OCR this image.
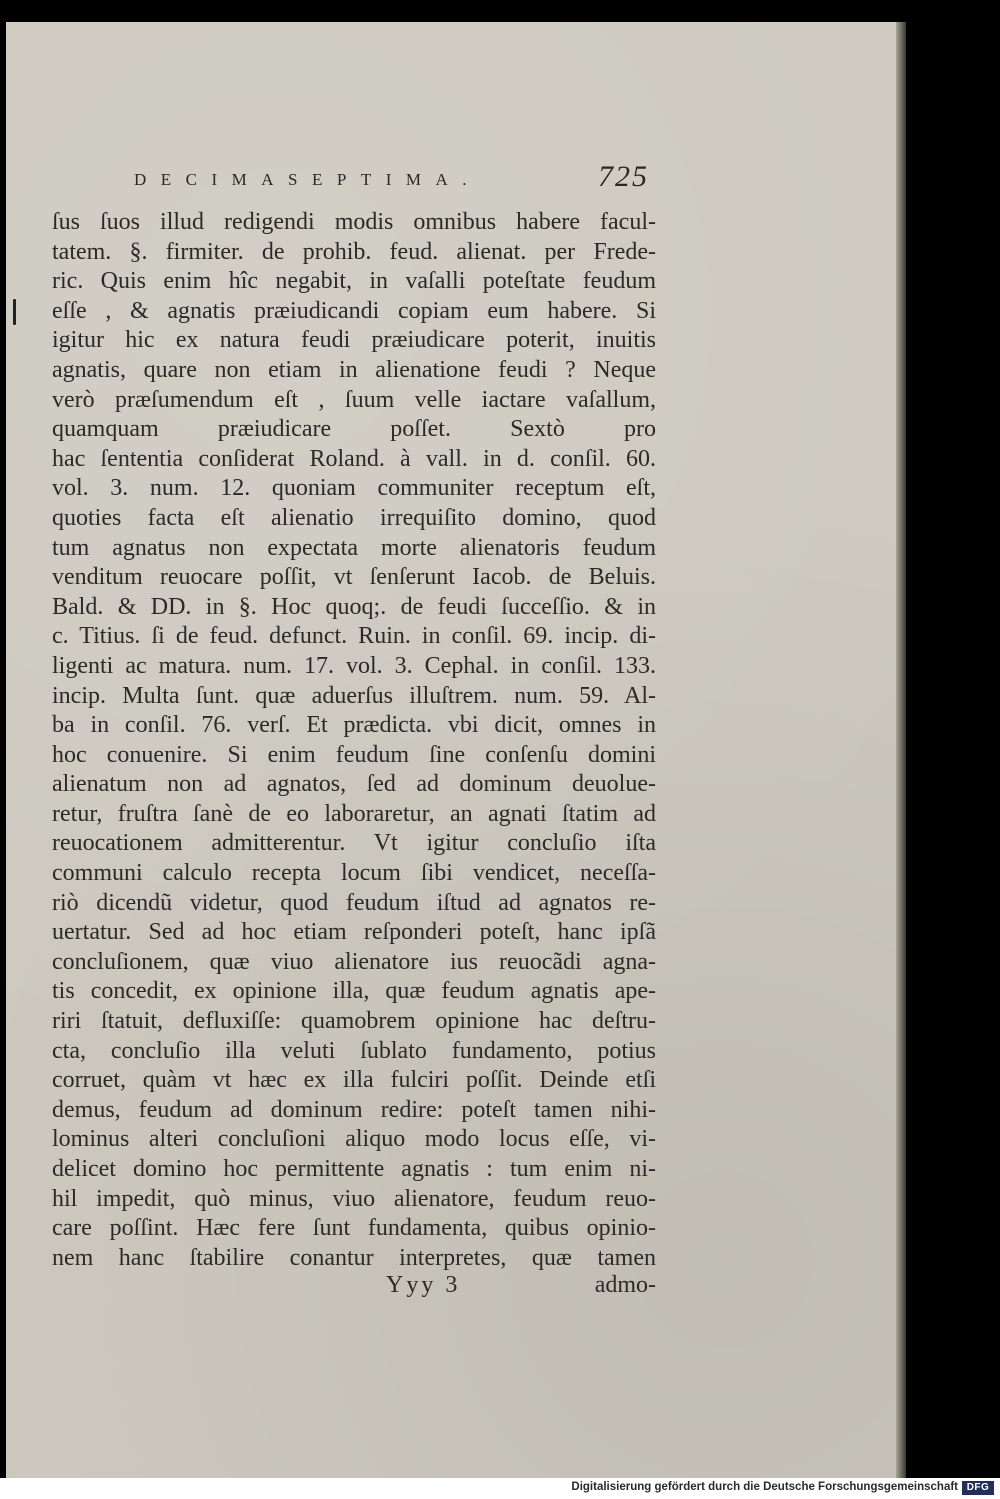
DECIMASEPTIMA.	725
ſus ſuos illud redigendi modis omnibus habere facul-
tatem. §. firmiter. de prohib. feud. alienat. per Frede-
ric. Quis enim hîc negabit, in vaſalli poteſtate feudum
eſſe , & agnatis præiudicandi copiam eum habere. Si
igitur hic ex natura feudi præiudicare poterit, inuitis
agnatis, quare non etiam in alienatione feudi ? Neque
verò præſumendum eſt , ſuum velle iactare vaſallum,
quamquam præiudicare poſſet. Sextò pro
hac ſententia conſiderat Roland. à vall. in d. conſil. 60.
vol. 3. num. 12. quoniam communiter receptum eſt,
quoties facta eſt alienatio irrequiſito domino, quod
tum agnatus non expectata morte alienatoris feudum
venditum reuocare poſſit, vt ſenſerunt Iacob. de Beluis.
Bald. & DD. in §. Hoc quoq;. de feudi ſucceſſio. & in
c. Titius. ſi de feud. defunct. Ruin. in conſil. 69. incip. di-
ligenti ac matura. num. 17. vol. 3. Cephal. in conſil. 133.
incip. Multa ſunt. quæ aduerſus illuſtrem. num. 59. Al-
ba in conſil. 76. verſ. Et prædicta. vbi dicit, omnes in
hoc conuenire. Si enim feudum ſine conſenſu domini
alienatum non ad agnatos, ſed ad dominum deuolue-
retur, fruſtra ſanè de eo laboraretur, an agnati ſtatim ad
reuocationem admitterentur. Vt igitur concluſio iſta
communi calculo recepta locum ſibi vendicet, neceſſa-
riò dicendũ videtur, quod feudum iſtud ad agnatos re-
uertatur. Sed ad hoc etiam reſponderi poteſt, hanc ipſã
concluſionem, quæ viuo alienatore ius reuocãdi agna-
tis concedit, ex opinione illa, quæ feudum agnatis ape-
riri ſtatuit, defluxiſſe: quamobrem opinione hac deſtru-
cta, concluſio illa veluti ſublato fundamento, potius
corruet, quàm vt hæc ex illa fulciri poſſit. Deinde etſi
demus, feudum ad dominum redire: poteſt tamen nihi-
lominus alteri concluſioni aliquo modo locus eſſe, vi-
delicet domino hoc permittente agnatis : tum enim ni-
hil impedit, quò minus, viuo alienatore, feudum reuo-
care poſſint. Hæc fere ſunt fundamenta, quibus opinio-
nem hanc ſtabilire conantur interpretes, quæ tamen
Yyy 3	admo-
Digitalisierung gefördert durch die Deutsche Forschungsgemeinschaft DFG
